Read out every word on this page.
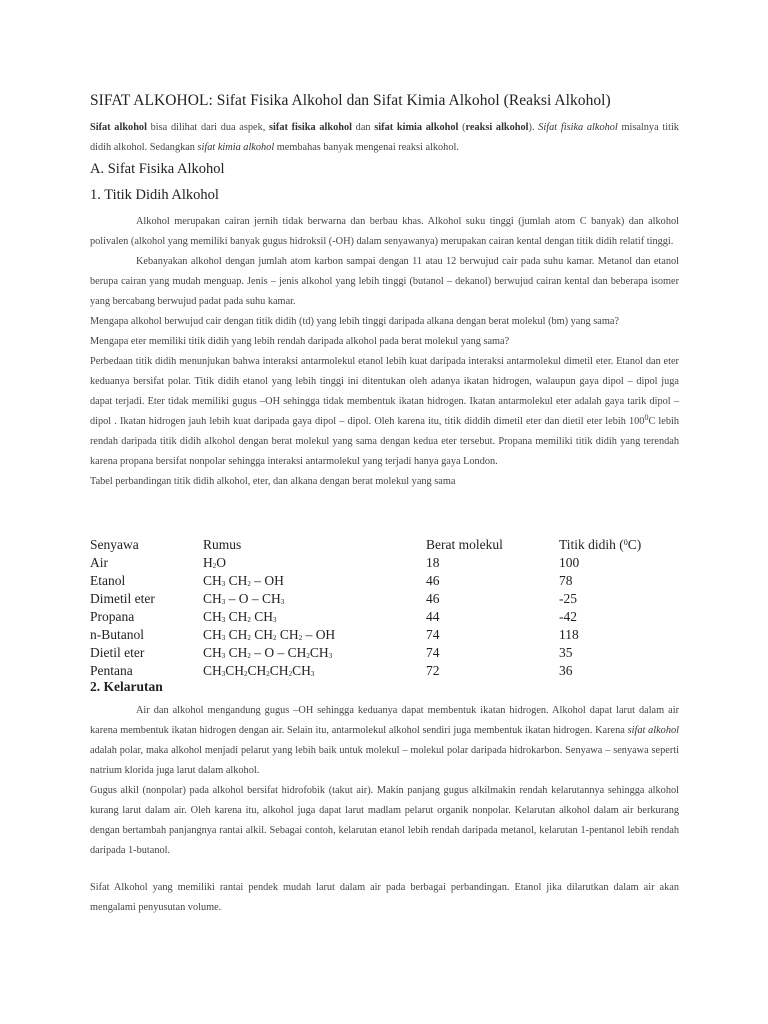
SIFAT ALKOHOL: Sifat Fisika Alkohol dan Sifat Kimia Alkohol (Reaksi Alkohol)

Sifat alkohol bisa dilihat dari dua aspek, sifat fisika alkohol dan sifat kimia alkohol (reaksi alkohol). Sifat fisika alkohol misalnya titik didih alkohol. Sedangkan sifat kimia alkohol membahas banyak mengenai reaksi alkohol.

A. Sifat Fisika Alkohol
1. Titik Didih Alkohol

Alkohol merupakan cairan jernih tidak berwarna dan berbau khas. Alkohol suku tinggi (jumlah atom C banyak) dan alkohol polivalen (alkohol yang memiliki banyak gugus hidroksil (-OH) dalam senyawanya) merupakan cairan kental dengan titik didih relatif tinggi.

Kebanyakan alkohol dengan jumlah atom karbon sampai dengan 11 atau 12 berwujud cair pada suhu kamar. Metanol dan etanol berupa cairan yang mudah menguap. Jenis – jenis alkohol yang lebih tinggi (butanol – dekanol) berwujud cairan kental dan beberapa isomer yang bercabang berwujud padat pada suhu kamar.

Mengapa alkohol berwujud cair dengan titik didih (td) yang lebih tinggi daripada alkana dengan berat molekul (bm) yang sama?

Mengapa eter memiliki titik didih yang lebih rendah daripada alkohol pada berat molekul yang sama?

Perbedaan titik didih menunjukan bahwa interaksi antarmolekul etanol lebih kuat daripada interaksi antarmolekul dimetil eter. Etanol dan eter keduanya bersifat polar. Titik didih etanol yang lebih tinggi ini ditentukan oleh adanya ikatan hidrogen, walaupun gaya dipol – dipol juga dapat terjadi. Eter tidak memiliki gugus –OH sehingga tidak membentuk ikatan hidrogen. Ikatan antarmolekul eter adalah gaya tarik dipol – dipol . Ikatan hidrogen jauh lebih kuat daripada gaya dipol – dipol. Oleh karena itu, titik diddih dimetil eter dan dietil eter lebih $100^0C$ lebih rendah daripada titik didih alkohol dengan berat molekul yang sama dengan kedua eter tersebut. Propana memiliki titik didih yang terendah karena propana bersifat nonpolar sehingga interaksi antarmolekul yang terjadi hanya gaya London.

Tabel perbandingan titik didih alkohol, eter, dan alkana dengan berat molekul yang sama

Senyawa	Rumus	Berat molekul	Titik didih ($^0$C)
Air	$H_2O$	18	100
Etanol	$CH_3$ $CH_2$ – OH	46	78
Dimetil eter	$CH_3$ – O – $CH_3$	46	-25
Propana	$CH_3$ $CH_2$ $CH_3$	44	-42
n-Butanol	$CH_3$ $CH_2$ $CH_2$ $CH_2$ – OH	74	118
Dietil eter	$CH_3$ $CH_2$ – O – $CH_2CH_3$	74	35
Pentana	$CH_3CH_2CH_2CH_2CH_3$	72	36
2. Kelarutan

Air dan alkohol mengandung gugus –OH sehingga keduanya dapat membentuk ikatan hidrogen. Alkohol dapat larut dalam air karena membentuk ikatan hidrogen dengan air. Selain itu, antarmolekul alkohol sendiri juga membentuk ikatan hidrogen. Karena sifat alkohol adalah polar, maka alkohol menjadi pelarut yang lebih baik untuk molekul – molekul polar daripada hidrokarbon. Senyawa – senyawa seperti natrium klorida juga larut dalam alkohol.

Gugus alkil (nonpolar) pada alkohol bersifat hidrofobik (takut air). Makin panjang gugus alkilmakin rendah kelarutannya sehingga alkohol kurang larut dalam air. Oleh karena itu, alkohol juga dapat larut madlam pelarut organik nonpolar. Kelarutan alkohol dalam air berkurang dengan bertambah panjangnya rantai alkil. Sebagai contoh, kelarutan etanol lebih rendah daripada metanol, kelarutan 1-pentanol lebih rendah daripada 1-butanol.

Sifat Alkohol yang memiliki rantai pendek mudah larut dalam air pada berbagai perbandingan. Etanol jika dilarutkan dalam air akan mengalami penyusutan volume.
